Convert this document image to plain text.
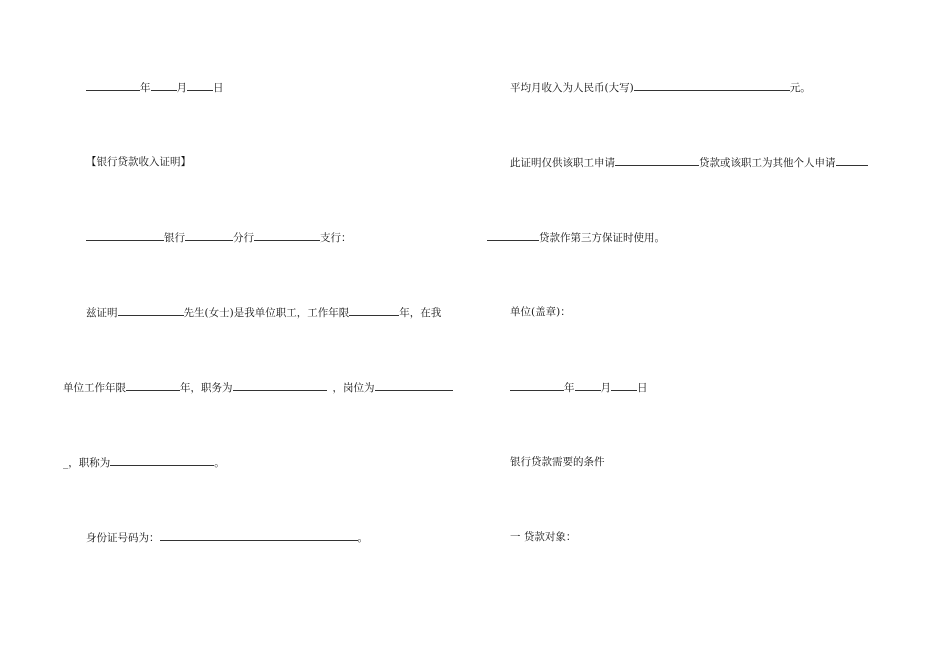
年 月 日
【银行贷款收入证明】
银行	分行	支行：
兹证明	先生(女士)是我单位职工，工作年限	年，在我
单位工作年限	年，职务为	，岗位为
_，职称为	。
身份证号码为：	。
平均月收入为人民币(大写)	元。
此证明仅供该职工申请	贷款或该职工为其他个人申请
贷款作第三方保证时使用。
单位(盖章)：
年 月 日
银行贷款需要的条件
一 贷款对象：
